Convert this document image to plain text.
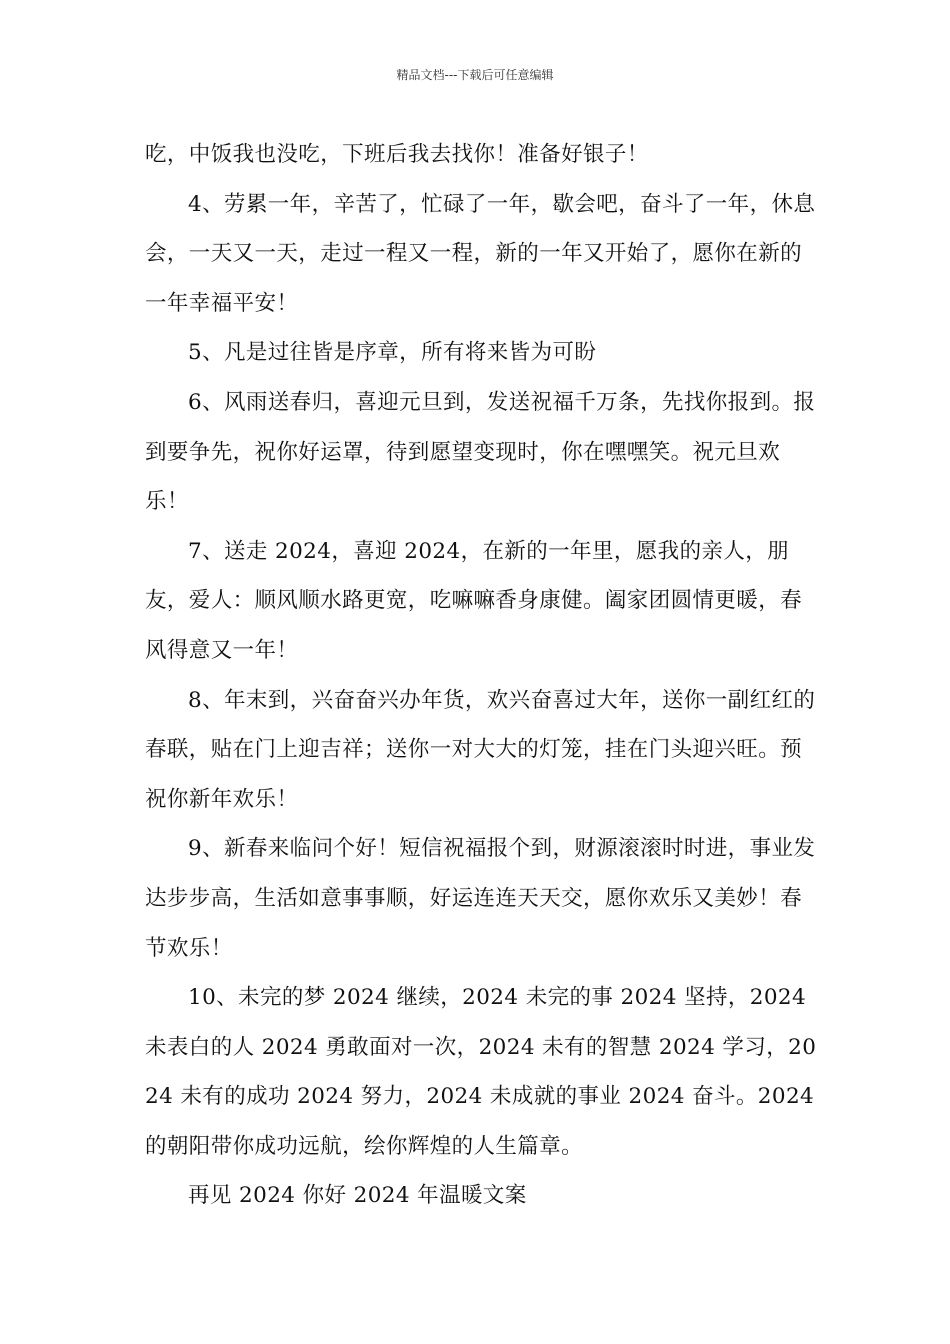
精品文档---下载后可任意编辑

吃，中饭我也没吃，下班后我去找你！准备好银子！

4、劳累一年，辛苦了，忙碌了一年，歇会吧，奋斗了一年，休息会，一天又一天，走过一程又一程，新的一年又开始了，愿你在新的一年幸福平安！

5、凡是过往皆是序章，所有将来皆为可盼

6、风雨送春归，喜迎元旦到，发送祝福千万条，先找你报到。报到要争先，祝你好运罩，待到愿望变现时，你在嘿嘿笑。祝元旦欢乐！

7、送走 2024，喜迎 2024，在新的一年里，愿我的亲人，朋友，爱人：顺风顺水路更宽，吃嘛嘛香身康健。阖家团圆情更暖，春风得意又一年！

8、年末到，兴奋奋兴办年货，欢兴奋喜过大年，送你一副红红的春联，贴在门上迎吉祥；送你一对大大的灯笼，挂在门头迎兴旺。预祝你新年欢乐！

9、新春来临问个好！短信祝福报个到，财源滚滚时时进，事业发达步步高，生活如意事事顺，好运连连天天交，愿你欢乐又美妙！春节欢乐！

10、未完的梦 2024 继续，2024 未完的事 2024 坚持，2024 未表白的人 2024 勇敢面对一次，2024 未有的智慧 2024 学习，2024 未有的成功 2024 努力，2024 未成就的事业 2024 奋斗。2024 的朝阳带你成功远航，绘你辉煌的人生篇章。

再见 2024 你好 2024 年温暖文案
